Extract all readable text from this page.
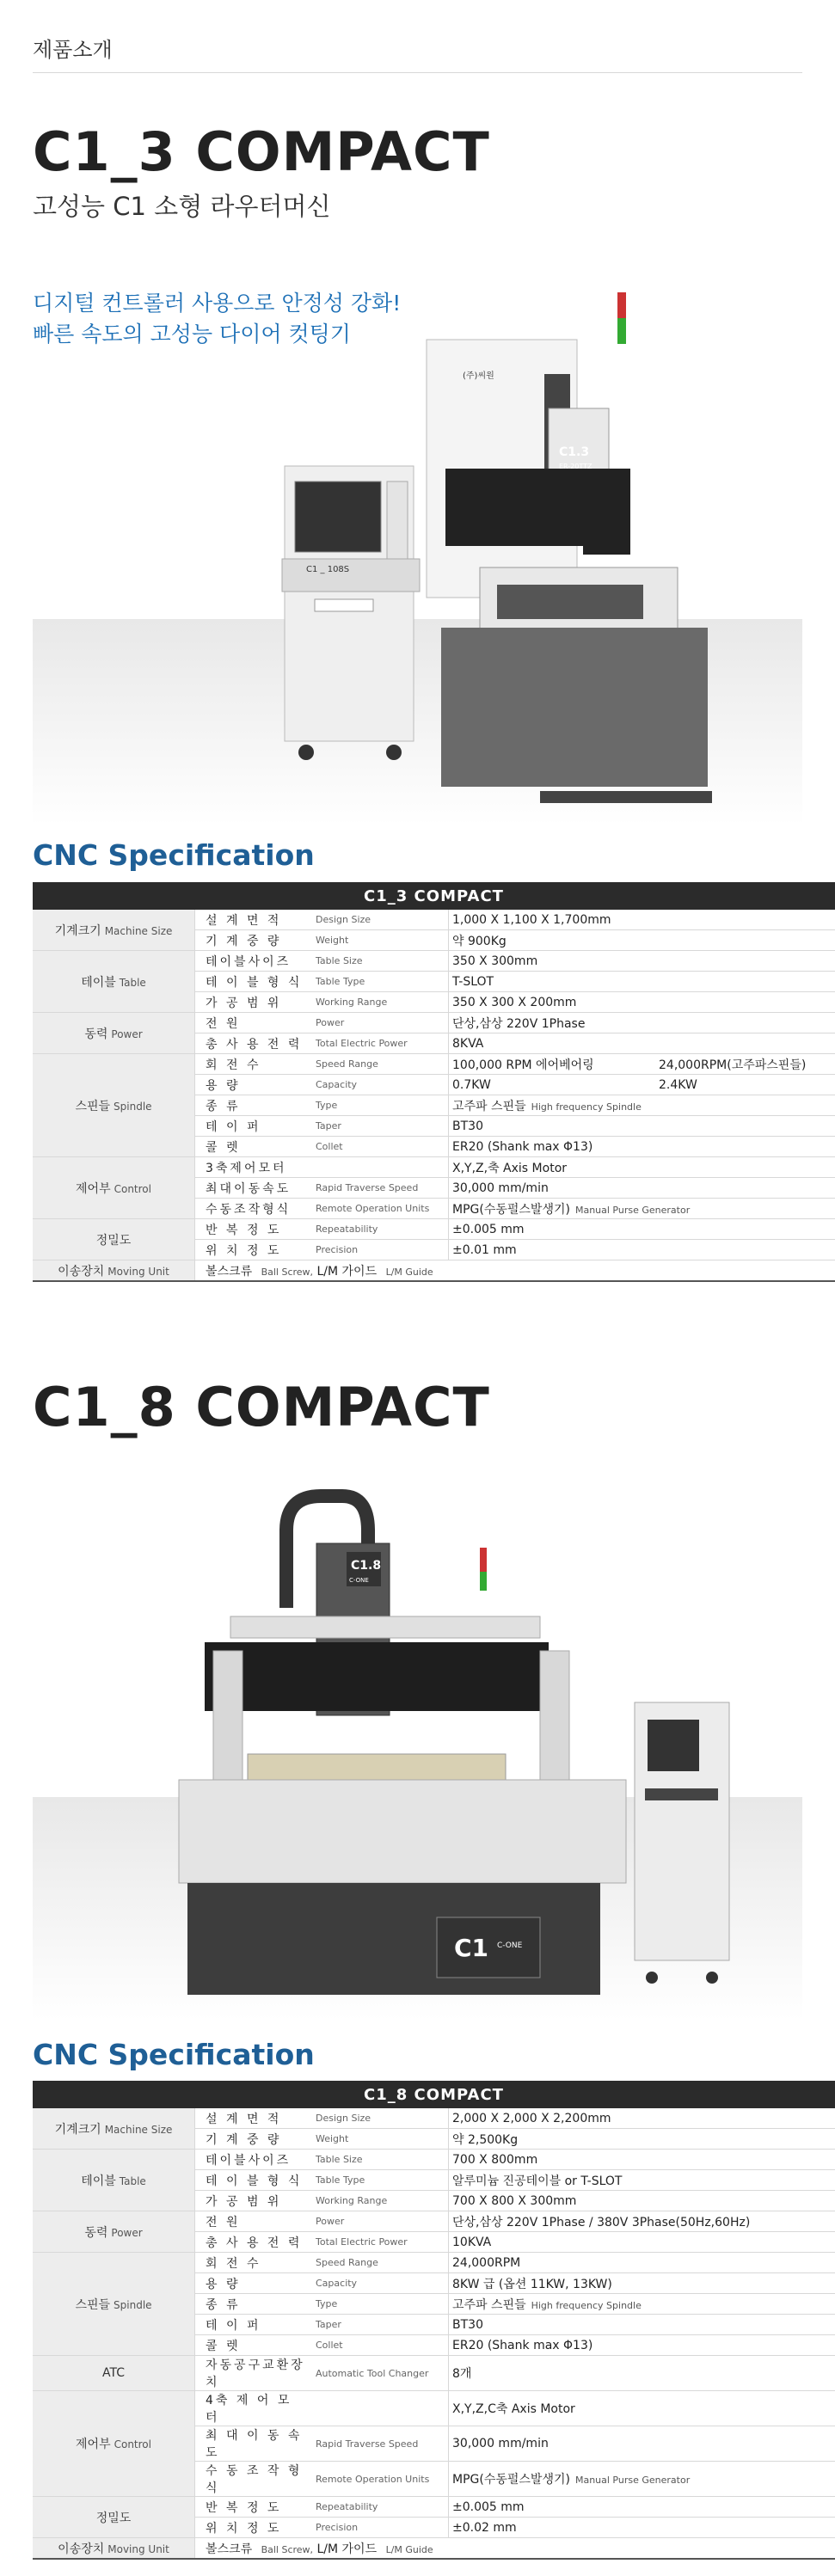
제품소개
C1_3 COMPACT
고성능 C1 소형 라우터머신
디지털 컨트롤러 사용으로 안정성 강화!
빠른 속도의 고성능 다이어 컷팅기
C1.3
ER-20TTZ
C1 _ 108S
(주)씨원
CNC Specification
C1_3 COMPACT			
기계크기 Machine Size	설 계 면 적	Design Size	1,000 X 1,100 X 1,700mm
	기 계 중 량	Weight	약 900Kg
테이블 Table	테이블사이즈	Table Size	350 X 300mm
	테 이 블 형 식	Table Type	T-SLOT
	가 공 범 위	Working Range	350 X 300 X 200mm
동력 Power	전 원	Power	단상,삼상 220V 1Phase
	총 사 용 전 력	Total Electric Power	8KVA
스핀들 Spindle	회 전 수	Speed Range	100,000 RPM 에어베어링 24,000RPM(고주파스핀들)
	용 량	Capacity	0.7KW 2.4KW
	종 류	Type	고주파 스핀들 High frequency Spindle
	테 이 퍼	Taper	BT30
	콜 렛	Collet	ER20 (Shank max Φ13)
제어부 Control	3축제어모터		X,Y,Z,축 Axis Motor
	최대이동속도	Rapid Traverse Speed	30,000 mm/min
	수동조작형식	Remote Operation Units	MPG(수동펄스발생기) Manual Purse Generator
정밀도	반 복 정 도	Repeatability	±0.005 mm
	위 치 정 도	Precision	±0.01 mm
이송장치 Moving Unit	볼스크류 Ball Screw, L/M 가이드 L/M Guide		
C1_8 COMPACT
C1.8
C-ONE
C1 C-ONE
CNC Specification
C1_8 COMPACT			
기계크기 Machine Size	설 계 면 적	Design Size	2,000 X 2,000 X 2,200mm
	기 계 중 량	Weight	약 2,500Kg
테이블 Table	테이블사이즈	Table Size	700 X 800mm
	테 이 블 형 식	Table Type	알루미늄 진공테이블 or T-SLOT
	가 공 범 위	Working Range	700 X 800 X 300mm
동력 Power	전 원	Power	단상,삼상 220V 1Phase / 380V 3Phase(50Hz,60Hz)
	총 사 용 전 력	Total Electric Power	10KVA
스핀들 Spindle	회 전 수	Speed Range	24,000RPM
	용 량	Capacity	8KW 급 (옵션 11KW, 13KW)
	종 류	Type	고주파 스핀들 High frequency Spindle
	테 이 퍼	Taper	BT30
	콜 렛	Collet	ER20 (Shank max Φ13)
ATC	자동공구교환장치	Automatic Tool Changer	8개
제어부 Control	4축 제 어 모 터		X,Y,Z,C축 Axis Motor
	최 대 이 동 속 도	Rapid Traverse Speed	30,000 mm/min
	수 동 조 작 형 식	Remote Operation Units	MPG(수동펄스발생기) Manual Purse Generator
정밀도	반 복 정 도	Repeatability	±0.005 mm
	위 치 정 도	Precision	±0.02 mm
이송장치 Moving Unit	볼스크류 Ball Screw, L/M 가이드 L/M Guide		
